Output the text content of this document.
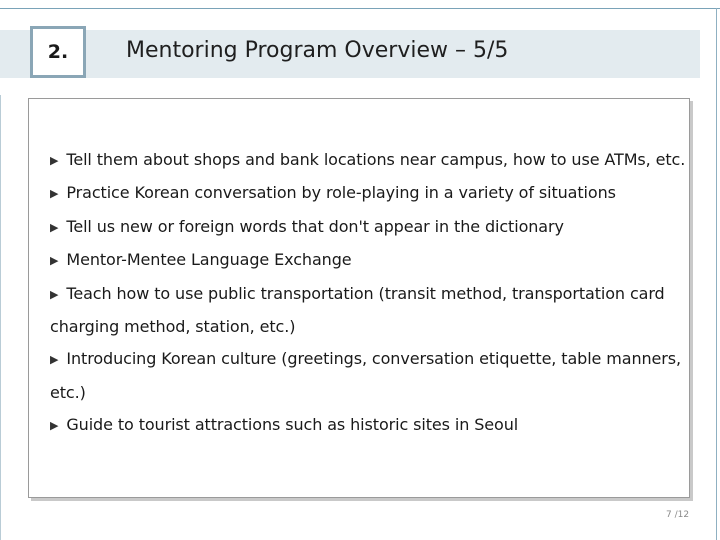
2.	Mentoring Program Overview – 5/5
▶ Tell them about shops and bank locations near campus, how to use ATMs, etc.
▶ Practice Korean conversation by role-playing in a variety of situations
▶ Tell us new or foreign words that don't appear in the dictionary
▶ Mentor-Mentee Language Exchange
▶ Teach how to use public transportation (transit method, transportation card charging method, station, etc.)
▶ Introducing Korean culture (greetings, conversation etiquette, table manners, etc.)
▶ Guide to tourist attractions such as historic sites in Seoul
7 /12
